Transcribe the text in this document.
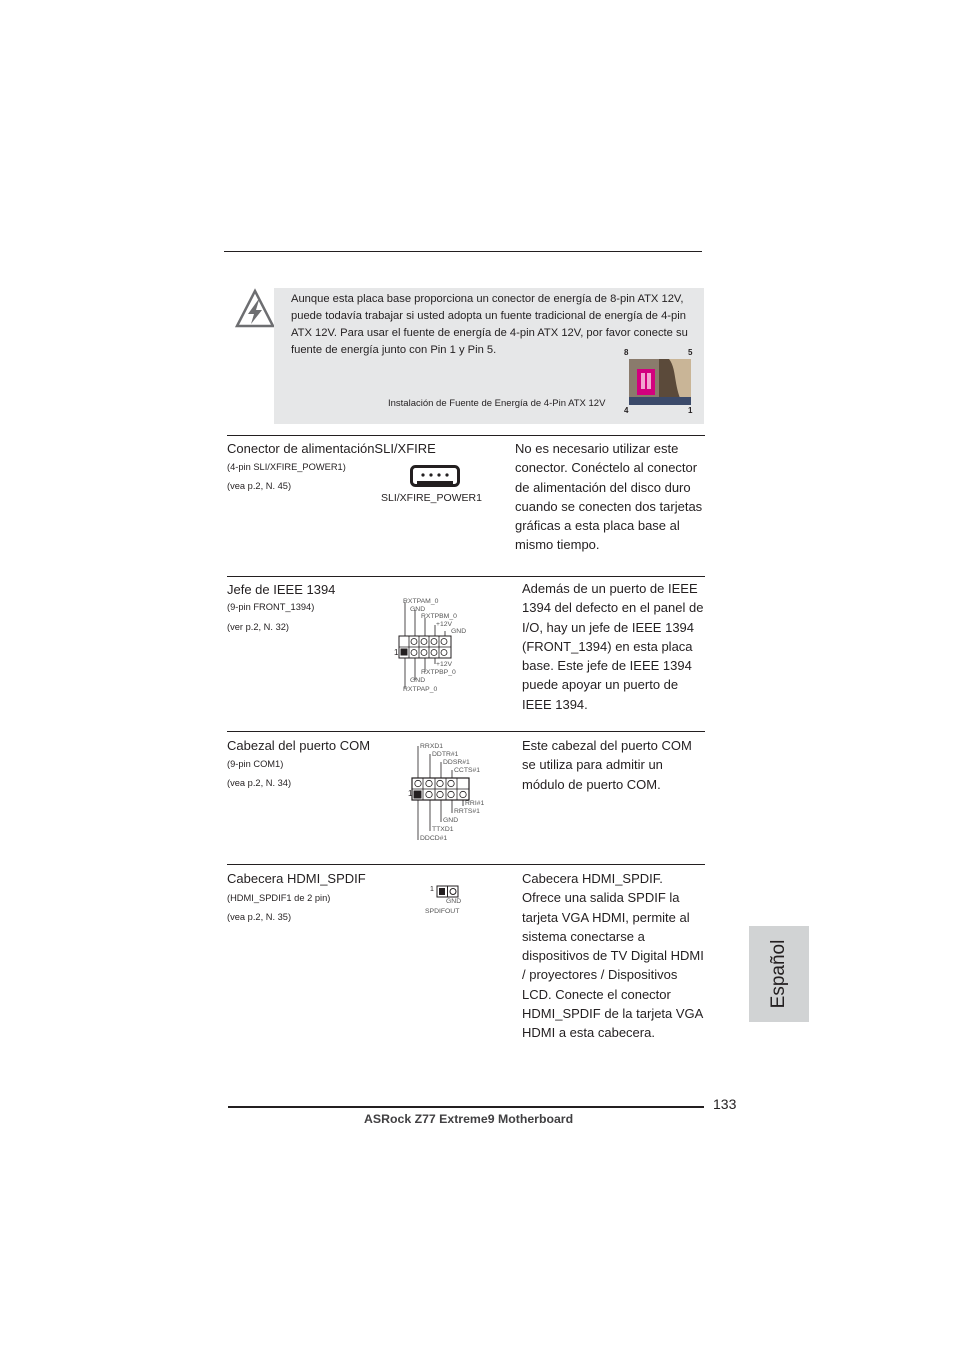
Aunque esta placa base proporciona un conector de energía de 8-pin ATX 12V, puede todavía trabajar si usted adopta un fuente tradicional de energía de 4-pin ATX 12V. Para usar el fuente de energía de 4-pin ATX 12V, por favor conecte su fuente de energía junto con Pin 1 y Pin 5.
Instalación de Fuente de Energía de 4-Pin ATX 12V
8	5
4	1
Conector de alimentaciónSLI/XFIRE
(4-pin SLI/XFIRE_POWER1)
(vea p.2, N. 45)
SLI/XFIRE_POWER1
No es necesario utilizar este conector. Conéctelo al conector de alimentación del disco duro cuando se conecten dos tarjetas gráficas a esta placa base al mismo tiempo.
Jefe de IEEE 1394
(9-pin FRONT_1394)
(ver p.2, N. 32)
1
RXTPAM_0
GND
RXTPBM_0
+12V
GND
+12V
RXTPBP_0
GND
RXTPAP_0
Además de un puerto de IEEE 1394 del defecto en el panel de I/O, hay un jefe de IEEE 1394 (FRONT_1394) en esta placa base. Este jefe de IEEE 1394 puede apoyar un puerto de IEEE 1394.
Cabezal del puerto COM
(9-pin COM1)
(vea p.2, N. 34)
1
RRXD1
DDTR#1
DDSR#1
CCTS#1
RRI#1
RRTS#1
GND
TTXD1
DDCD#1
Este cabezal del puerto COM se utiliza para admitir un módulo de puerto COM.
Cabecera HDMI_SPDIF
(HDMI_SPDIF1 de 2 pin)
(vea p.2, N. 35)
1
GND
SPDIFOUT
Cabecera HDMI_SPDIF. Ofrece una salida SPDIF la tarjeta VGA HDMI, permite al sistema conectarse a dispositivos de TV Digital HDMI / proyectores / Dispositivos LCD. Conecte el conector HDMI_SPDIF de la tarjeta VGA HDMI a esta cabecera.
Español
133
ASRock Z77 Extreme9 Motherboard
